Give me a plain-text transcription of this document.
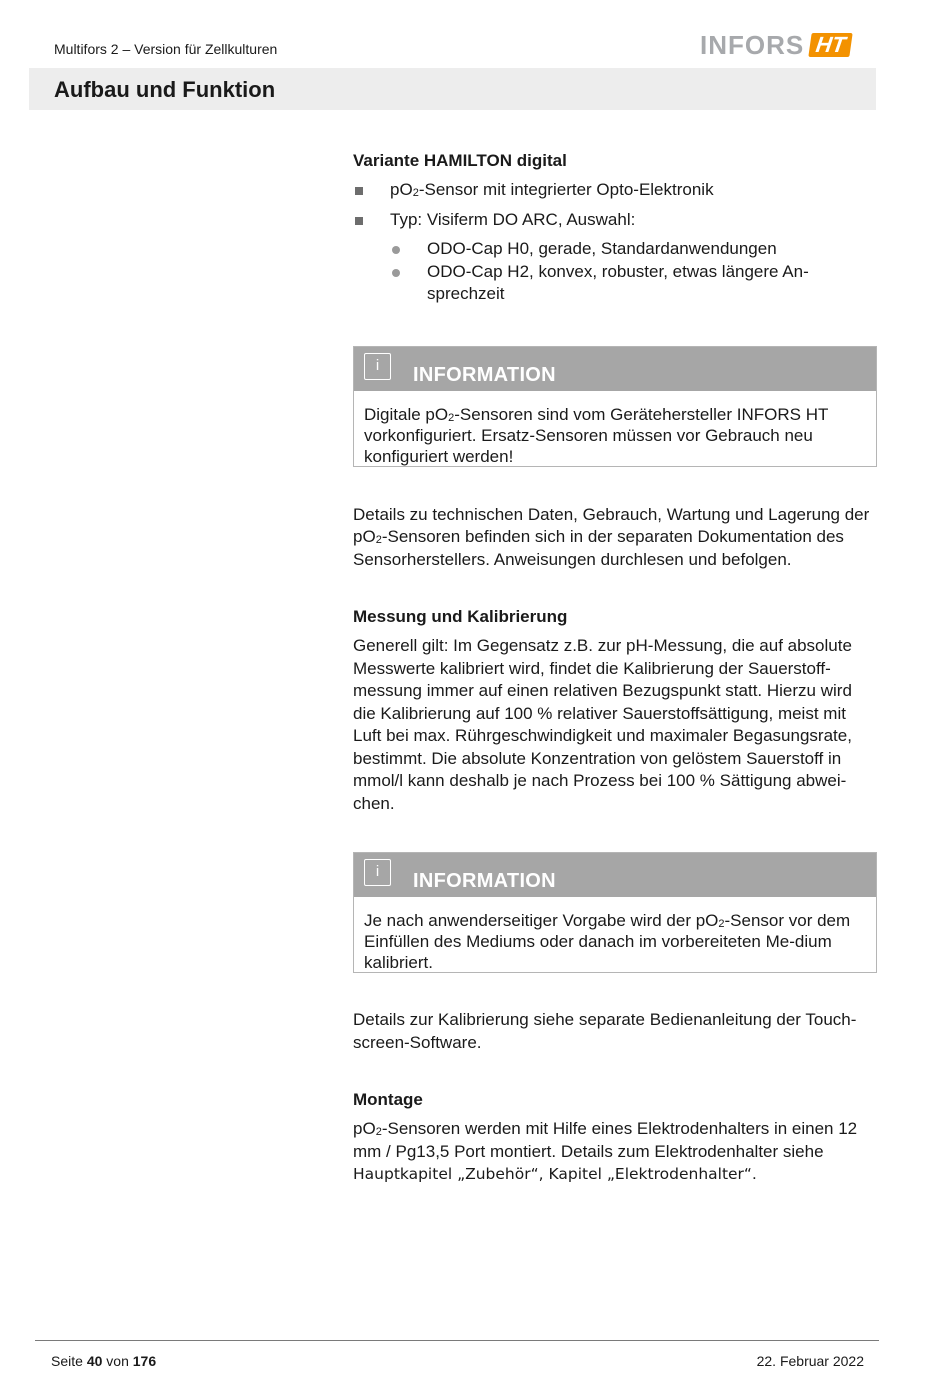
Multifors 2 – Version für Zellkulturen	INFORS HT
Aufbau und Funktion
Variante HAMILTON digital
$pO_2$-Sensor mit integrierter Opto-Elektronik
Typ: Visiferm DO ARC, Auswahl:
ODO-Cap H0, gerade, Standardanwendungen
ODO-Cap H2, konvex, robuster, etwas längere An-sprechzeit
i	INFORMATION
Digitale $pO_2$-Sensoren sind vom Gerätehersteller INFORS HT vorkonfiguriert. Ersatz-Sensoren müssen vor Gebrauch neu konfiguriert werden!

Details zu technischen Daten, Gebrauch, Wartung und Lagerung der $pO_2$-Sensoren befinden sich in der separaten Dokumentation des Sensorherstellers. Anweisungen durchlesen und befolgen.

Messung und Kalibrierung

Generell gilt: Im Gegensatz z.B. zur pH-Messung, die auf absolute Messwerte kalibriert wird, findet die Kalibrierung der Sauerstoff-messung immer auf einen relativen Bezugspunkt statt. Hierzu wird die Kalibrierung auf 100 % relativer Sauerstoffsättigung, meist mit Luft bei max. Rührgeschwindigkeit und maximaler Begasungsrate, bestimmt. Die absolute Konzentration von gelöstem Sauerstoff in mmol/l kann deshalb je nach Prozess bei 100 % Sättigung abwei-chen.

i	INFORMATION
Je nach anwenderseitiger Vorgabe wird der $pO_2$-Sensor vor dem Einfüllen des Mediums oder danach im vorbereiteten Me-dium kalibriert.

Details zur Kalibrierung siehe separate Bedienanleitung der Touch-screen-Software.

Montage

$pO_2$-Sensoren werden mit Hilfe eines Elektrodenhalters in einen 12 mm / Pg13,5 Port montiert. Details zum Elektrodenhalter siehe Hauptkapitel „Zubehör“, Kapitel „Elektrodenhalter“.

Seite 40 von 176	22. Februar 2022
